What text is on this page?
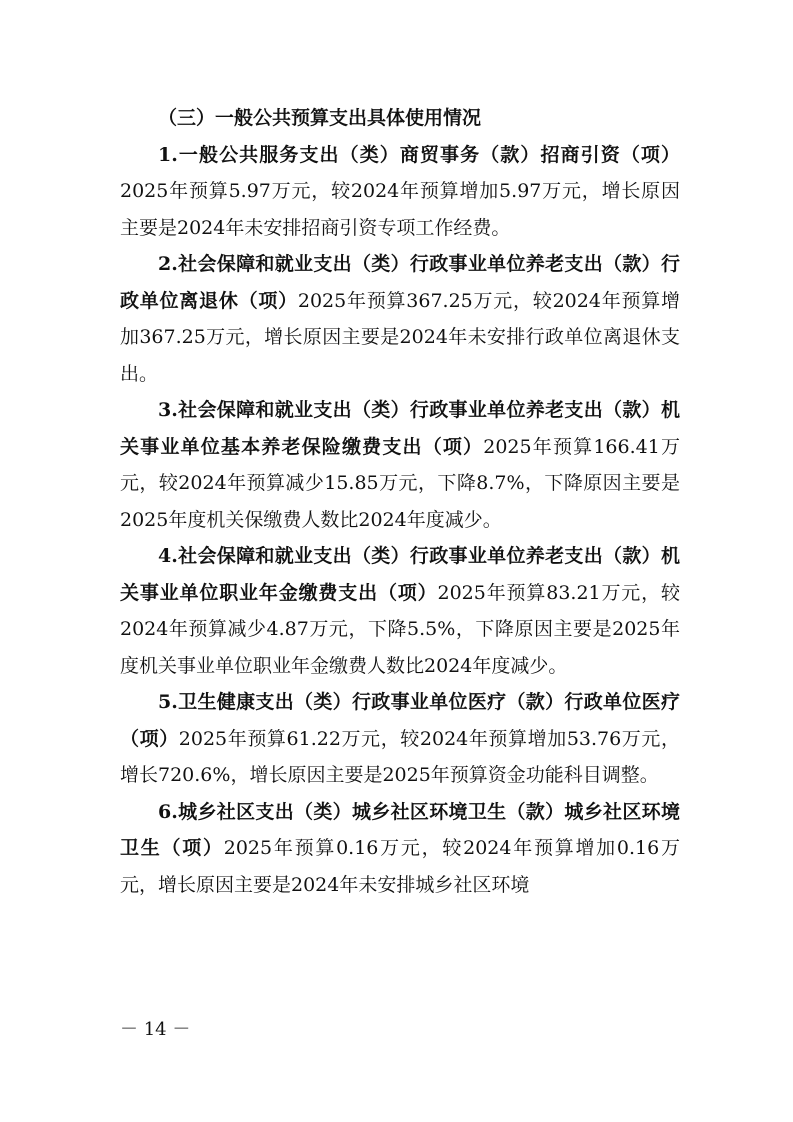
（三）一般公共预算支出具体使用情况

1.一般公共服务支出（类）商贸事务（款）招商引资（项）2025年预算5.97万元，较2024年预算增加5.97万元，增长原因主要是2024年未安排招商引资专项工作经费。

2.社会保障和就业支出（类）行政事业单位养老支出（款）行政单位离退休（项）2025年预算367.25万元，较2024年预算增加367.25万元，增长原因主要是2024年未安排行政单位离退休支出。

3.社会保障和就业支出（类）行政事业单位养老支出（款）机关事业单位基本养老保险缴费支出（项）2025年预算166.41万元，较2024年预算减少15.85万元，下降8.7%，下降原因主要是2025年度机关保缴费人数比2024年度减少。

4.社会保障和就业支出（类）行政事业单位养老支出（款）机关事业单位职业年金缴费支出（项）2025年预算83.21万元，较2024年预算减少4.87万元，下降5.5%，下降原因主要是2025年度机关事业单位职业年金缴费人数比2024年度减少。

5.卫生健康支出（类）行政事业单位医疗（款）行政单位医疗（项）2025年预算61.22万元，较2024年预算增加53.76万元，增长720.6%，增长原因主要是2025年预算资金功能科目调整。

6.城乡社区支出（类）城乡社区环境卫生（款）城乡社区环境卫生（项）2025年预算0.16万元，较2024年预算增加0.16万元，增长原因主要是2024年未安排城乡社区环境

－ 14 －
